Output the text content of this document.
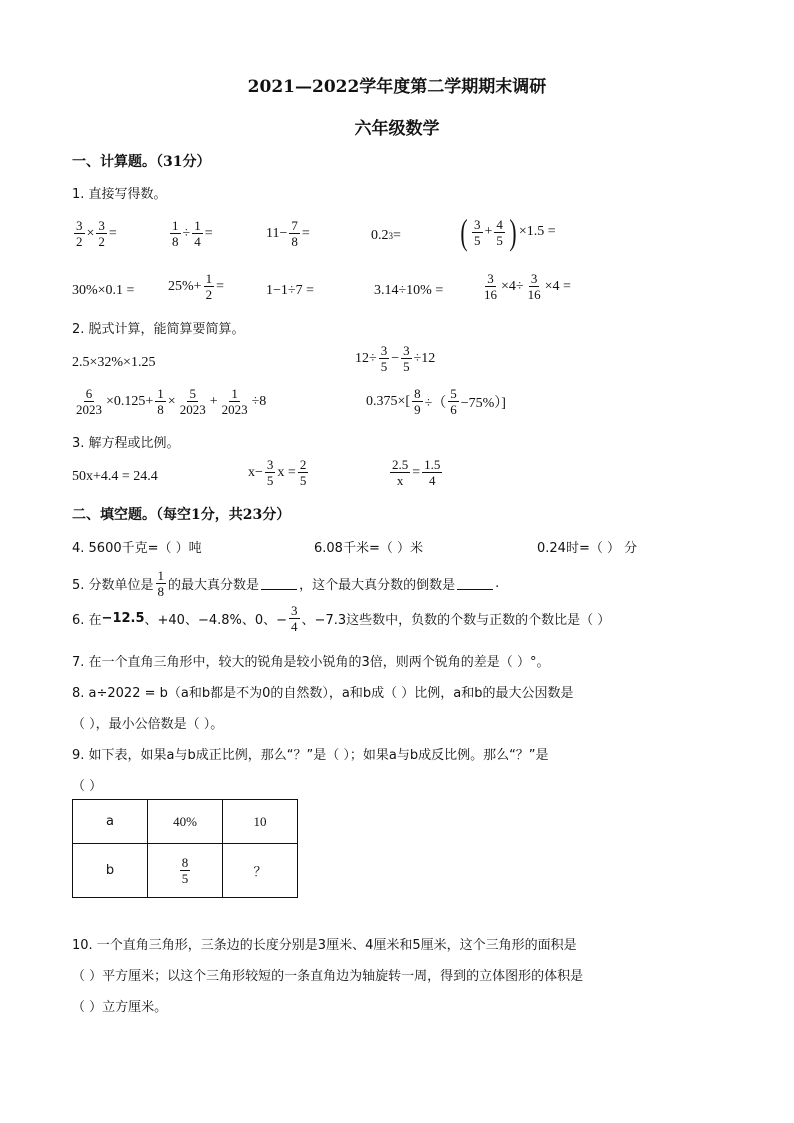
2021—2022学年度第二学期期末调研
六年级数学
一、计算题。（31分）
1. 直接写得数。
$\frac{3}{2} \times \frac{3}{2}$ =	$\frac{1}{8} \div \frac{1}{4}$ =	$11- \frac{7}{8}$ =	0.2 3 = ( $\frac{3}{5} + \frac{4}{5}$ ) ×1.5 =
$30\%\times 0.1 = 25\%+ \frac{1}{2}$ =	1−1÷7 =	3.14÷10% =	$\frac{3}{16} \times 4\div \frac{3}{16} \times 4$ =
2. 脱式计算，能简算要简算。
2.5×32%×1.25	$12\div \frac{3}{5} - \frac{3}{5} \div 12$
$\frac{6}{2023} \times 0.125+ \frac{1}{8} \times \frac{5}{2023} + \frac{1}{2023} \div 8$	$0.375\times[ \frac{8}{9}$ ÷（ $\frac{5}{6} -75\%$）]
3. 解方程或比例。
50x+4.4 = 24.4	$x- \frac{3}{5}$ $x = \frac{2}{5}$	$\frac{2.5}{x} = \frac{1.5}{4}$
二、填空题。（每空1分，共23分）
4. 5600千克=（ ）吨	6.08千米=（ ）米	0.24时=（ ） 分
5. 分数单位是 $\frac{1}{8}$ 的最大真分数是	，这个最大真分数的倒数是	.
6. 在 −12.5 、+40、−4.8%、0、− $\frac{3}{4}$ 、−7.3这些数中，负数的个数与正数的个数比是（ ）
7. 在一个直角三角形中，较大的锐角是较小锐角的3倍，则两个锐角的差是（ ）°。
8. a÷2022 = b（a和b都是不为0的自然数），a和b成（ ）比例，a和b的最大公因数是
（ ），最小公倍数是（ ）。
9. 如下表，如果a与b成正比例，那么“？”是（ ）；如果a与b成反比例。那么“？”是
（ ）
a	40%	10
b	$\frac{8}{5}$	？
10. 一个直角三角形，三条边的长度分别是3厘米、4厘米和5厘米，这个三角形的面积是
（ ）平方厘米；以这个三角形较短的一条直角边为轴旋转一周，得到的立体图形的体积是
（ ）立方厘米。
